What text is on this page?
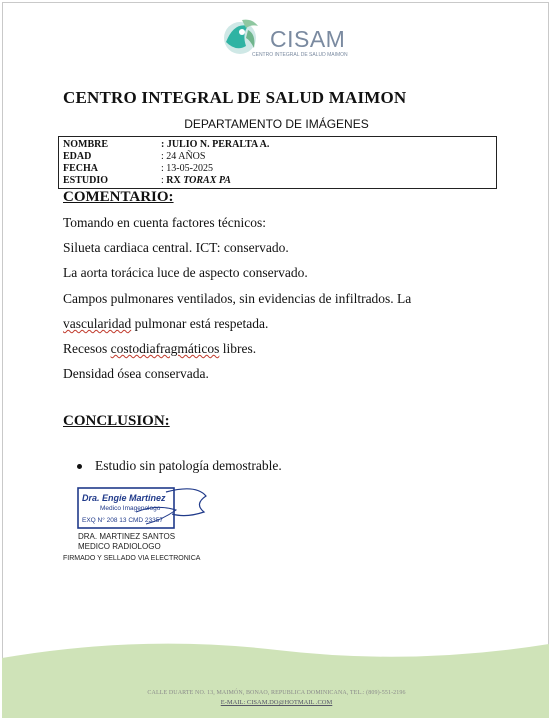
CISAM
CENTRO INTEGRAL DE SALUD MAIMON
CENTRO INTEGRAL DE SALUD MAIMON
DEPARTAMENTO DE IMÁGENES
NOMBRE	: JULIO N. PERALTA A.
EDAD	: 24 AÑOS
FECHA	: 13-05-2025
ESTUDIO	: RX TORAX PA
COMENTARIO:
Tomando en cuenta factores técnicos:
Silueta cardiaca central. ICT: conservado.
La aorta torácica luce de aspecto conservado.
Campos pulmonares ventilados, sin evidencias de infiltrados. La
vascularidad pulmonar está respetada.
Recesos costodiafragmáticos libres.
Densidad ósea conservada.
CONCLUSION:
Estudio sin patología demostrable.
Dra. Engie Martinez
Medico Imagenologo
EXQ N° 208 13 CMD 23357
DRA. MARTINEZ SANTOS
MEDICO RADIOLOGO
FIRMADO Y SELLADO VIA ELECTRONICA
CALLE DUARTE NO. 13, MAIMÓN, BONAO, REPUBLICA DOMINICANA, TEL.: (809)-551-2196
E-MAIL: CISAM.DO@HOTMAIL .COM
